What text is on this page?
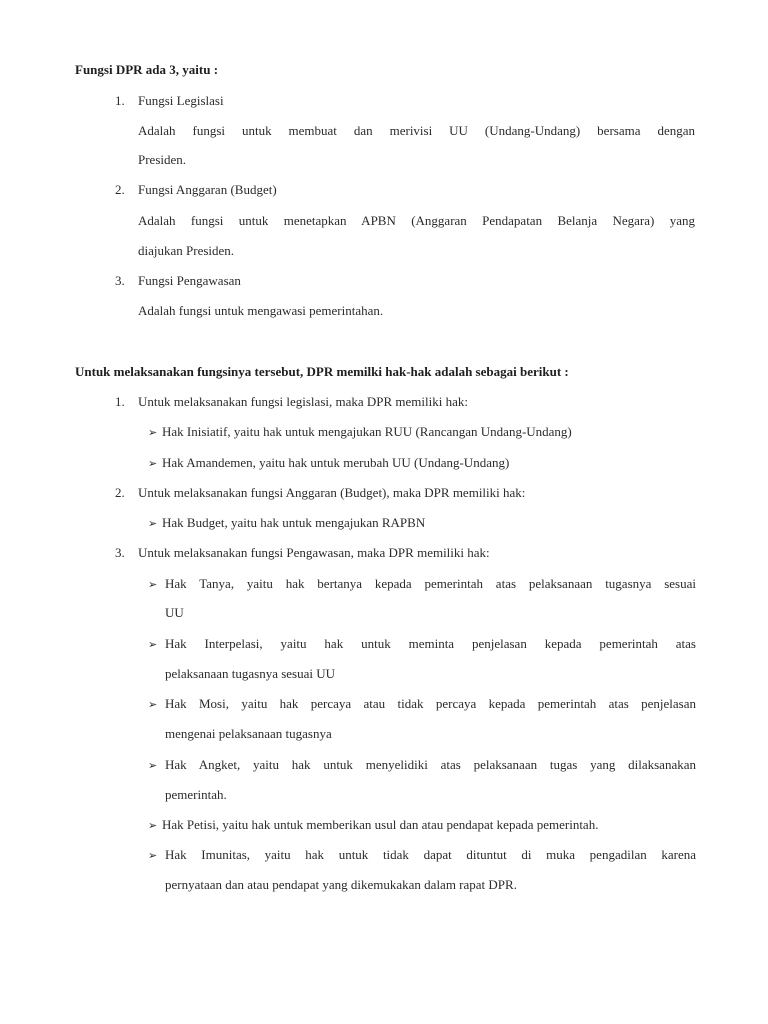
Fungsi DPR ada 3, yaitu :
1. Fungsi Legislasi
Adalah fungsi untuk membuat dan merivisi UU (Undang-Undang) bersama dengan
Presiden.
2. Fungsi Anggaran (Budget)
Adalah fungsi untuk menetapkan APBN (Anggaran Pendapatan Belanja Negara) yang
diajukan Presiden.
3. Fungsi Pengawasan
Adalah fungsi untuk mengawasi pemerintahan.
Untuk melaksanakan fungsinya tersebut, DPR memilki hak-hak adalah sebagai berikut :
1. Untuk melaksanakan fungsi legislasi, maka DPR memiliki hak:
➢ Hak Inisiatif, yaitu hak untuk mengajukan RUU (Rancangan Undang-Undang)
➢ Hak Amandemen, yaitu hak untuk merubah UU (Undang-Undang)
2. Untuk melaksanakan fungsi Anggaran (Budget), maka DPR memiliki hak:
➢ Hak Budget, yaitu hak untuk mengajukan RAPBN
3. Untuk melaksanakan fungsi Pengawasan, maka DPR memiliki hak:
➢ Hak Tanya, yaitu hak bertanya kepada pemerintah atas pelaksanaan tugasnya sesuai
UU
➢ Hak Interpelasi, yaitu hak untuk meminta penjelasan kepada pemerintah atas
pelaksanaan tugasnya sesuai UU
➢ Hak Mosi, yaitu hak percaya atau tidak percaya kepada pemerintah atas penjelasan
mengenai pelaksanaan tugasnya
➢ Hak Angket, yaitu hak untuk menyelidiki atas pelaksanaan tugas yang dilaksanakan
pemerintah.
➢ Hak Petisi, yaitu hak untuk memberikan usul dan atau pendapat kepada pemerintah.
➢ Hak Imunitas, yaitu hak untuk tidak dapat dituntut di muka pengadilan karena
pernyataan dan atau pendapat yang dikemukakan dalam rapat DPR.
